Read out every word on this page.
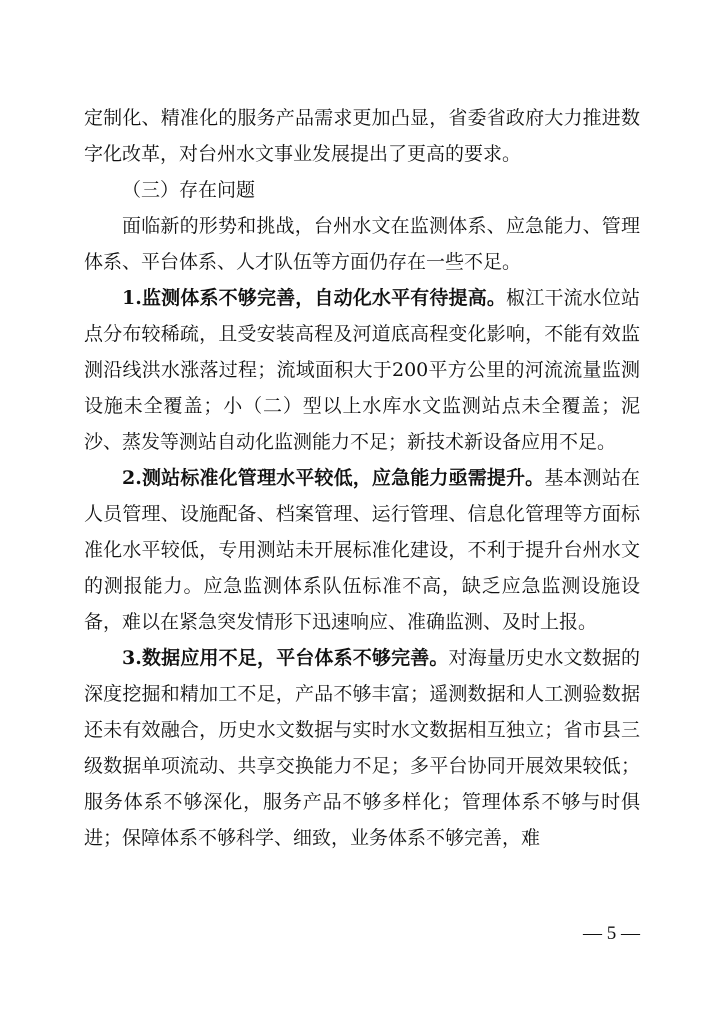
定制化、精准化的服务产品需求更加凸显，省委省政府大力推进数字化改革，对台州水文事业发展提出了更高的要求。

（三）存在问题

面临新的形势和挑战，台州水文在监测体系、应急能力、管理体系、平台体系、人才队伍等方面仍存在一些不足。

1.监测体系不够完善，自动化水平有待提高。椒江干流水位站点分布较稀疏，且受安装高程及河道底高程变化影响，不能有效监测沿线洪水涨落过程；流域面积大于200平方公里的河流流量监测设施未全覆盖；小（二）型以上水库水文监测站点未全覆盖；泥沙、蒸发等测站自动化监测能力不足；新技术新设备应用不足。

2.测站标准化管理水平较低，应急能力亟需提升。基本测站在人员管理、设施配备、档案管理、运行管理、信息化管理等方面标准化水平较低，专用测站未开展标准化建设，不利于提升台州水文的测报能力。应急监测体系队伍标准不高，缺乏应急监测设施设备，难以在紧急突发情形下迅速响应、准确监测、及时上报。

3.数据应用不足，平台体系不够完善。对海量历史水文数据的深度挖掘和精加工不足，产品不够丰富；遥测数据和人工测验数据还未有效融合，历史水文数据与实时水文数据相互独立；省市县三级数据单项流动、共享交换能力不足；多平台协同开展效果较低；服务体系不够深化，服务产品不够多样化；管理体系不够与时俱进；保障体系不够科学、细致，业务体系不够完善，难

— 5 —
